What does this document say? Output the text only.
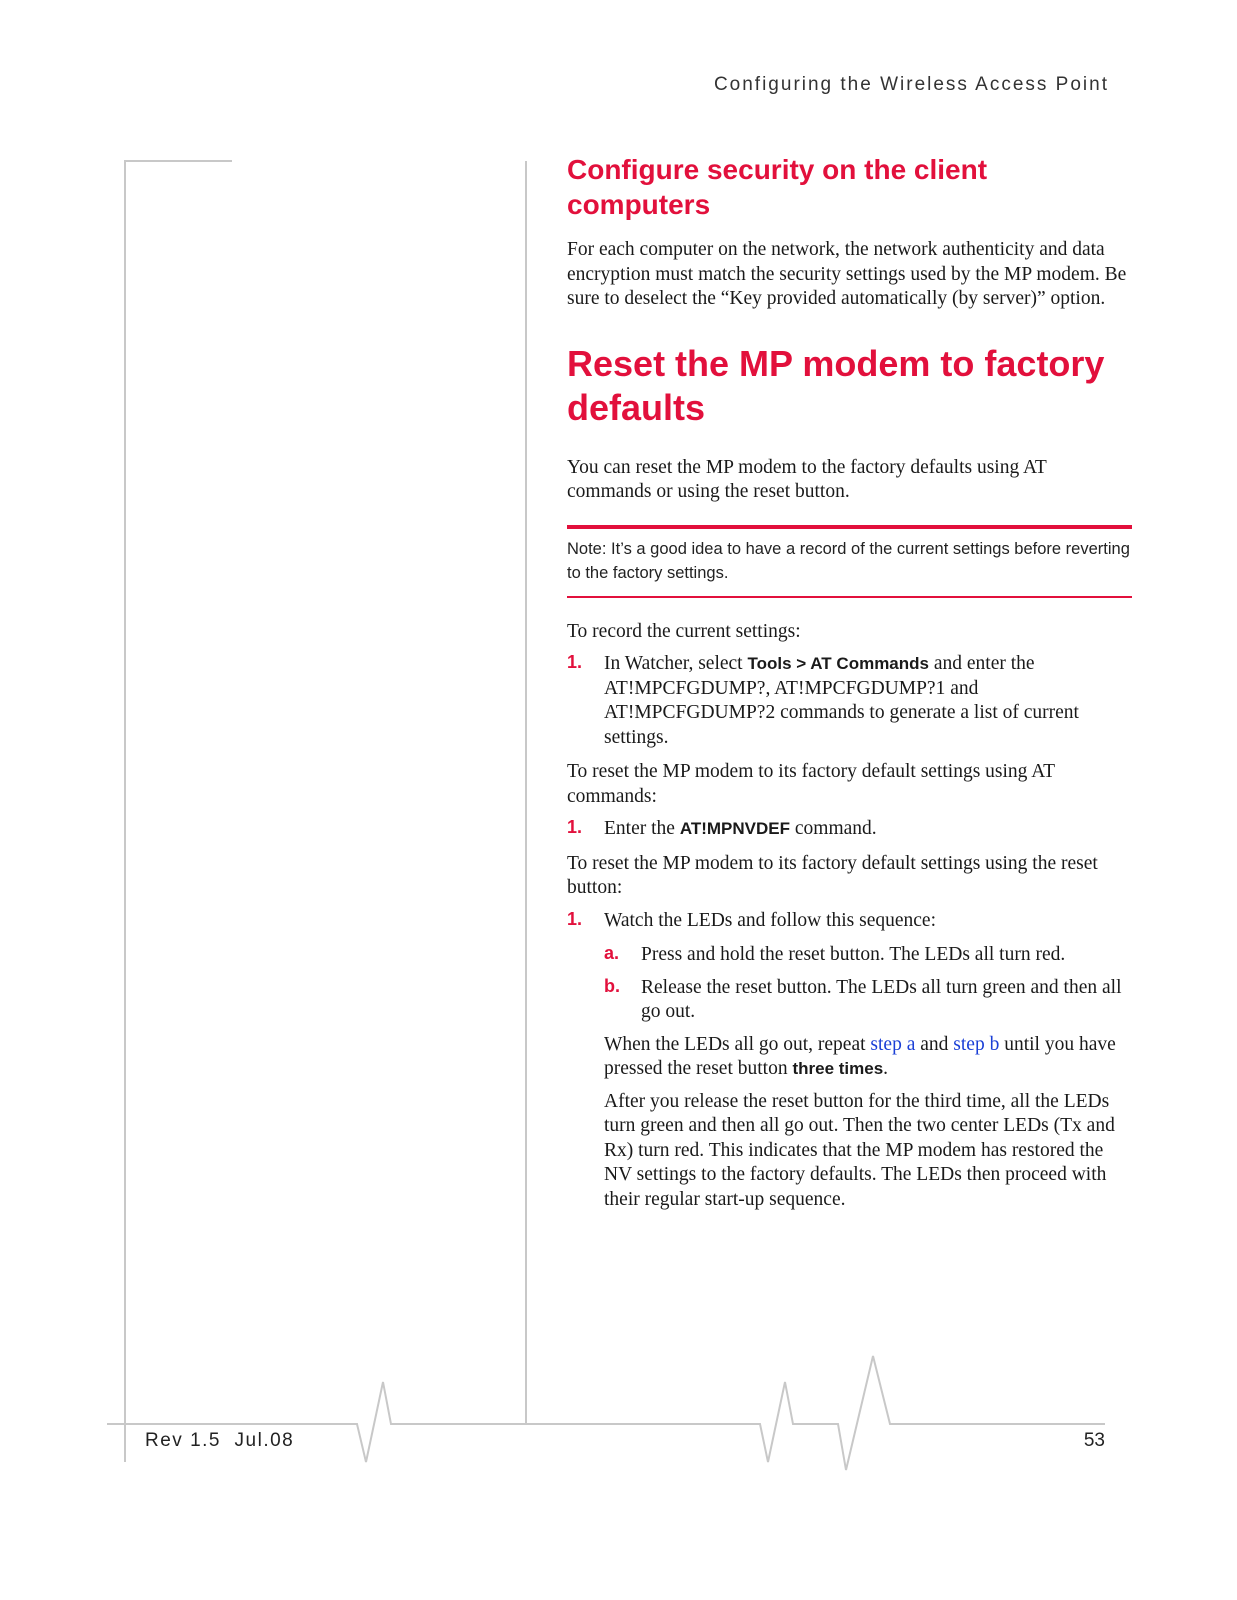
Configuring the Wireless Access Point
Configure security on the client computers

For each computer on the network, the network authenticity and data encryption must match the security settings used by the MP modem. Be sure to deselect the “Key provided automatically (by server)” option.

Reset the MP modem to factory defaults

You can reset the MP modem to the factory defaults using AT commands or using the reset button.

Note: It’s a good idea to have a record of the current settings before reverting to the factory settings.

To record the current settings:

1. In Watcher, select Tools > AT Commands and enter the AT!MPCFGDUMP?, AT!MPCFGDUMP?1 and AT!MPCFGDUMP?2 commands to generate a list of current settings.

To reset the MP modem to its factory default settings using AT commands:

1. Enter the AT!MPNVDEF command.

To reset the MP modem to its factory default settings using the reset button:

1. Watch the LEDs and follow this sequence:

a. Press and hold the reset button. The LEDs all turn red.

b. Release the reset button. The LEDs all turn green and then all go out.

When the LEDs all go out, repeat step a and step b until you have pressed the reset button three times.

After you release the reset button for the third time, all the LEDs turn green and then all go out. Then the two center LEDs (Tx and Rx) turn red. This indicates that the MP modem has restored the NV settings to the factory defaults. The LEDs then proceed with their regular start-up sequence.

Rev 1.5  Jul.08	53
